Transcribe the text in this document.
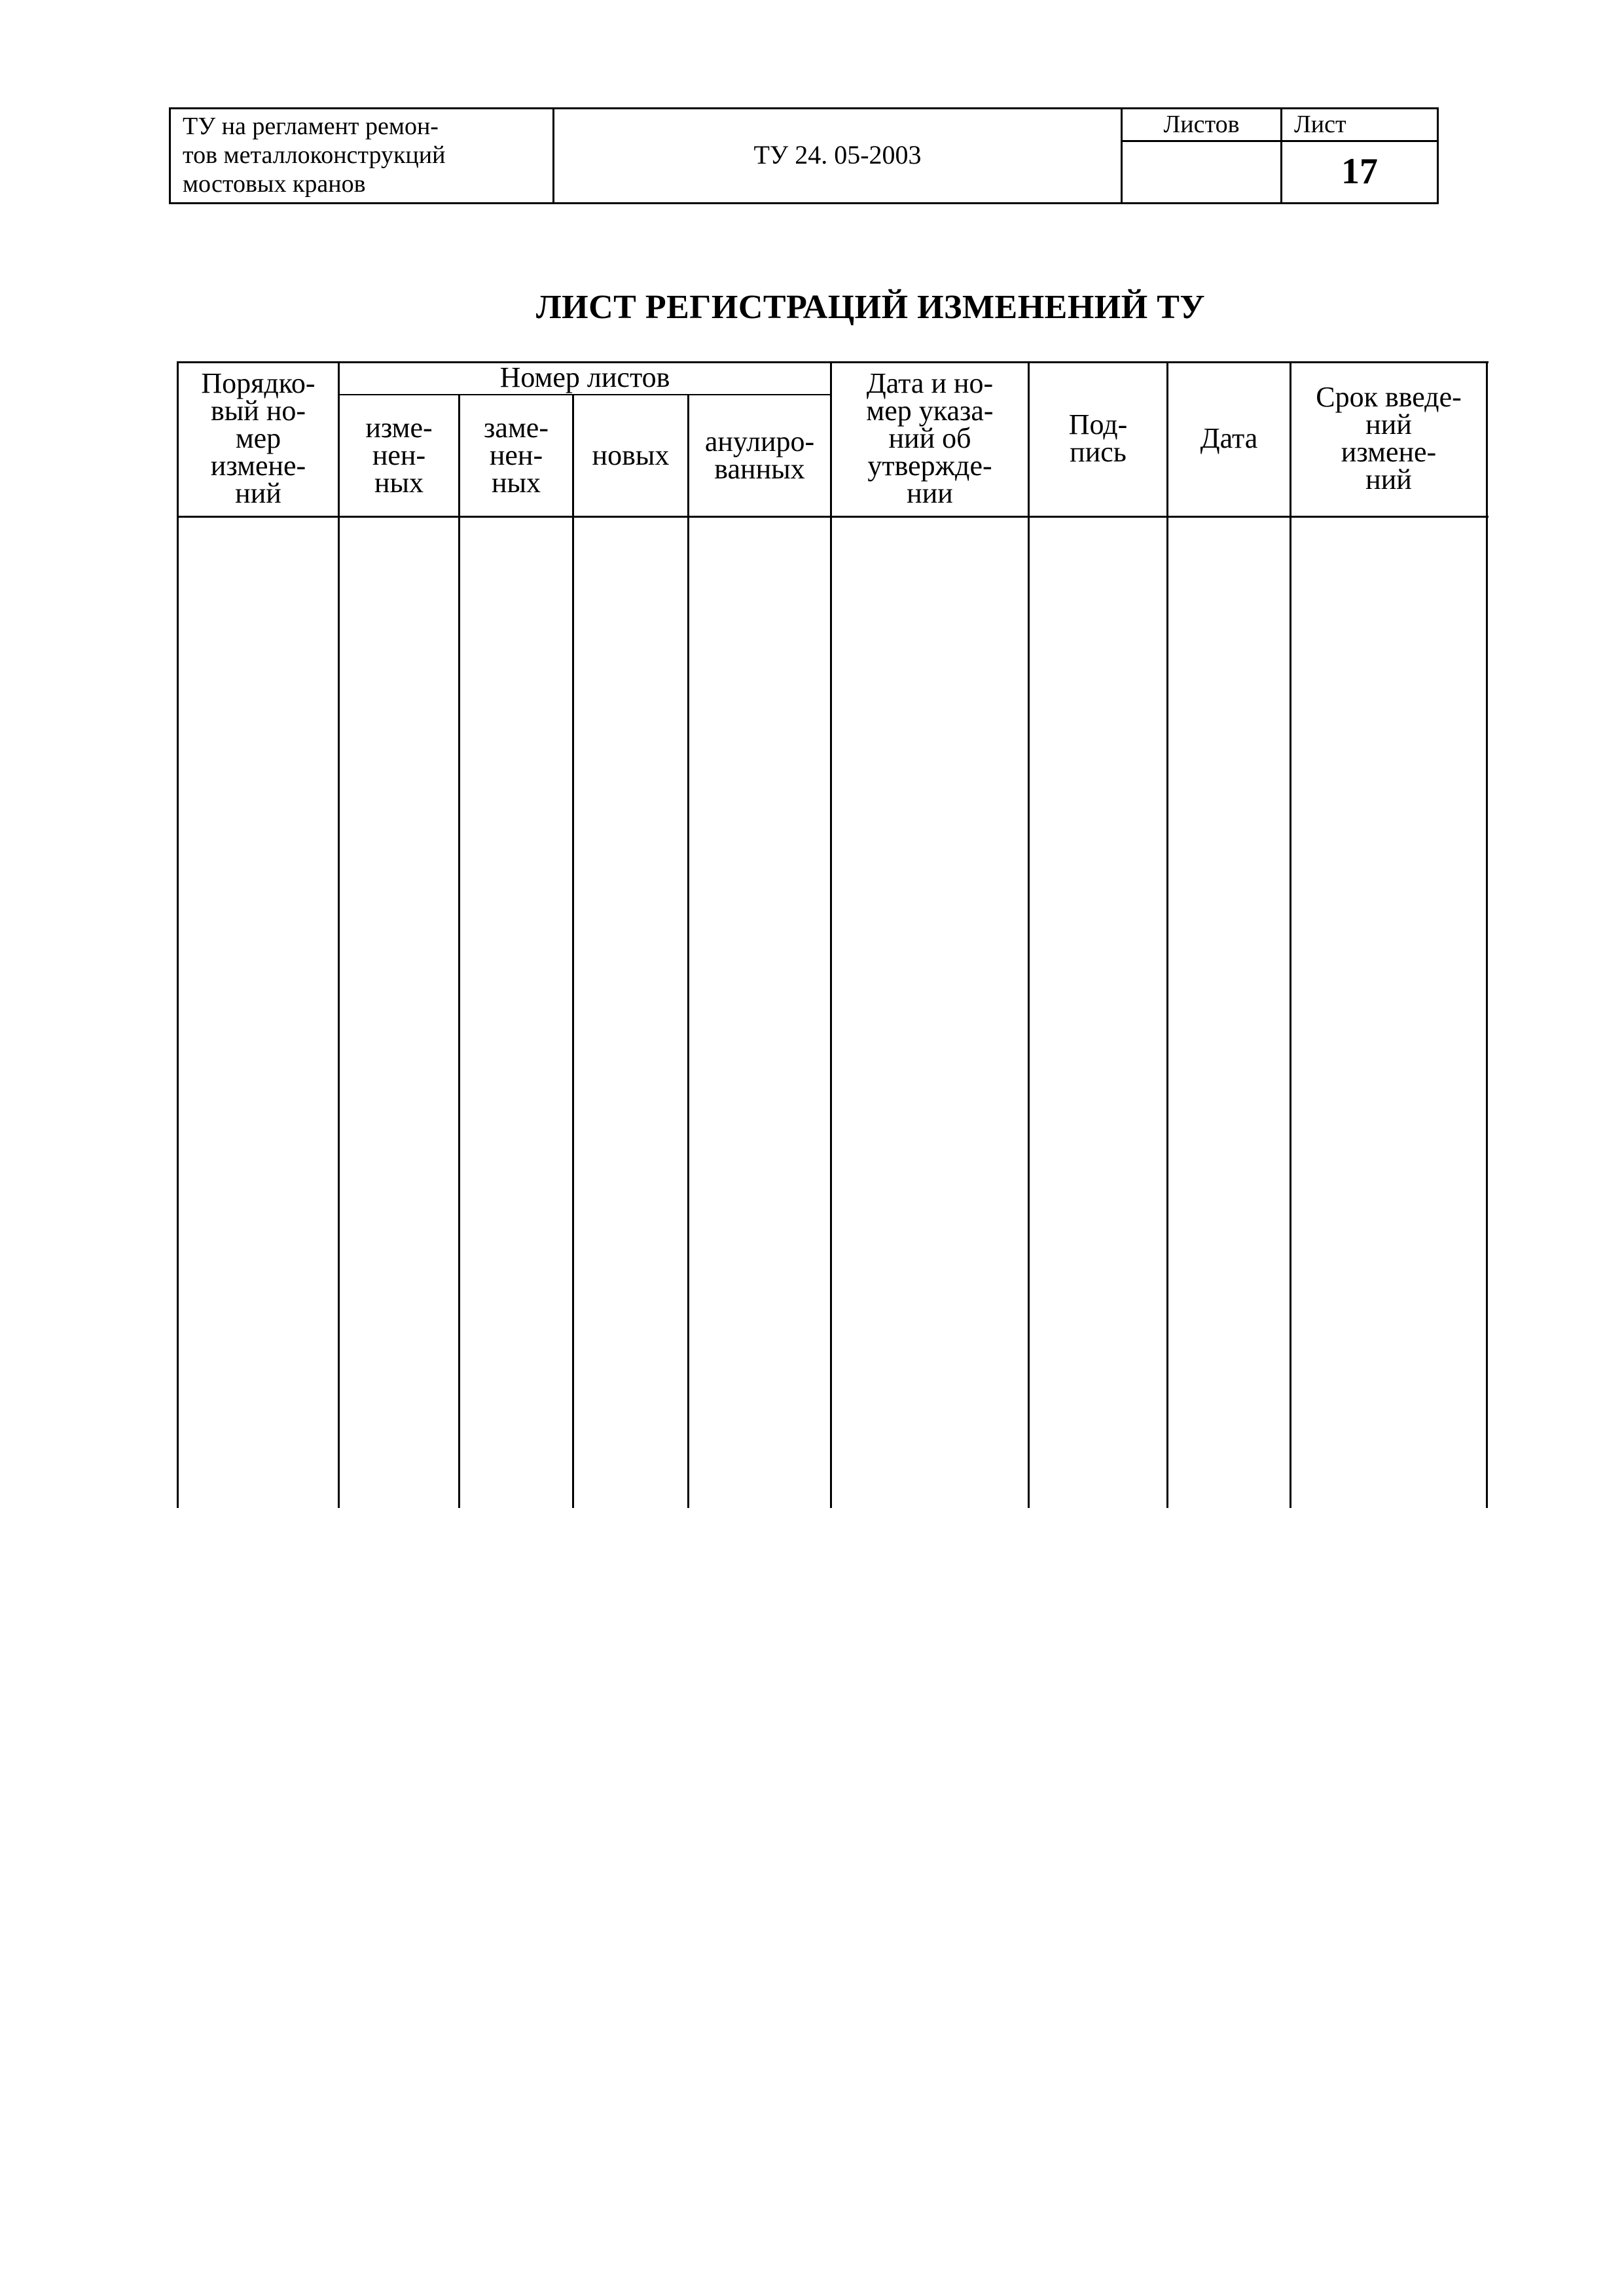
ТУ на регламент ремон-
тов металлоконструкций
мостовых кранов
ТУ 24. 05-2003
Листов	Лист
17
ЛИСТ РЕГИСТРАЦИЙ ИЗМЕНЕНИЙ ТУ
Порядко-
вый но-
мер
измене-
ний
Номер листов
изме-
нен-
ных
заме-
нен-
ных
новых анулиро-
ванных
Дата и но-
мер указа-
ний об
утвержде-
нии
Под-
пись	Дата
Срок введе-
ний
измене-
ний
